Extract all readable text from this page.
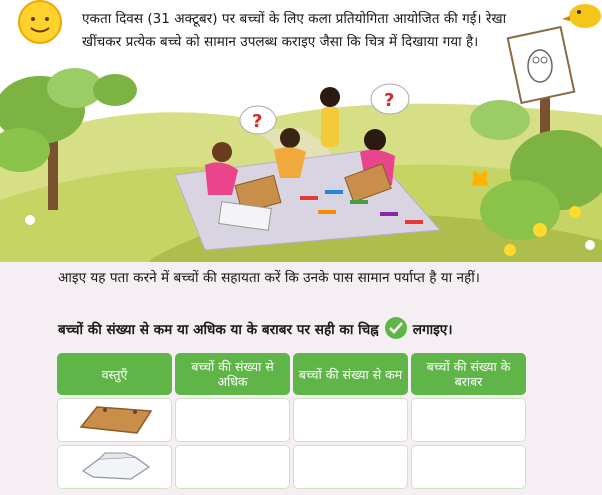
?
?

एकता दिवस (31 अक्टूबर) पर बच्चों के लिए कला प्रतियोगिता आयोजित की गई। रेखा खींचकर प्रत्येक बच्चे को सामान उपलब्ध कराइए जैसा कि चित्र में दिखाया गया है।

आइए यह पता करने में बच्चों की सहायता करें कि उनके पास सामान पर्याप्त है या नहीं।

बच्चों की संख्या से कम या अधिक या के बराबर पर सही का चिह्न	लगाइए।

वस्तुएँ	बच्चों की संख्या से अधिक	बच्चों की संख्या से कम	बच्चों की संख्या के बराबर
